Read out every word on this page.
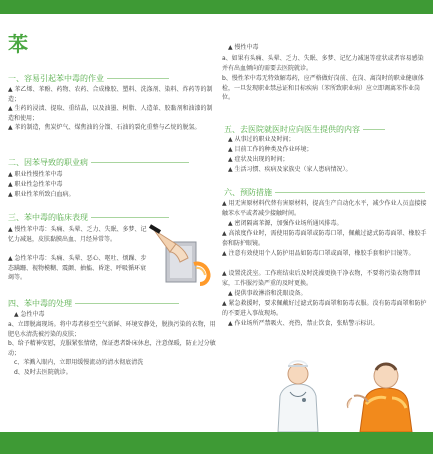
苯
一、容易引起苯中毒的作业
▲ 苯乙烯、苯酚、药物、农药、合成橡胶、塑料、洗涤剂、染料、炸药等的制造；
▲ 生药的浸渍、提取、重结晶，以及油墨、树脂、人造革、胶黏剂和油漆的制造和使用；
▲ 苯的制造，焦炭炉气、煤焦油的分馏、石油的裂化重整与乙烷的脱氢。
二、因苯导致的职业病
▲ 职业性慢性苯中毒
▲ 职业性急性苯中毒
▲ 职业性苯所致白血病。
三、苯中毒的临床表现
▲ 慢性苯中毒：头痛、头晕、乏力、失眠、多梦、记忆力减退，皮肤黏膜出血、月经异常等。
▲ 急性苯中毒：头痛、头晕、恶心、呕吐、烦躁、步态蹒跚、视物模糊、震颤、抽搐、昏迷、呼吸循环衰竭等。
四、苯中毒的处理
▲ 急性中毒
a、立即脱离现场。将中毒者移至空气新鲜、环境安静处，脱换污染的衣物，用肥皂水清洗被污染的皮肤；
b、给予精神安慰，克服紧张情绪，保证患者卧床休息，注意保暖，防止过分敏动；
c、苯溅入眼内，立即用缓慢流动的清水彻底清洗
d、及时去医院就诊。
▲ 慢性中毒
a、如果有头痛、头晕、乏力、失眠、多梦、记忆力减退等症状或者容易感染并有出血倾向的需要去医院就诊。
b、慢性苯中毒无特效解毒药，应严格做好岗前、在岗、离岗时的职业健康体检，一旦发现职业禁忌证和目标疾病（苯所致职业病）应立即调离苯作业岗位。
五、去医院就医时应向医生提供的内容
▲ 从事过的职业及时间；
▲ 目前工作的种类及作业环境；
▲ 症状及出现的时间；
▲ 生活习惯、疾病及家族史（家人患病情况）。
六、预防措施
▲ 用无害原材料代替有害原材料，提高生产自动化水平，减少作业人员直接接触苯水平或者减少接触时间。
▲ 密闭隔离苯源，加强作业场所通风排毒。
▲ 高浓度作业时，需使用防毒面罩或防毒口罩，佩戴过滤式防毒面罩、橡胶手套和防护眼镜。
▲ 注意有效使用个人防护用品如防毒口罩或面罩，橡胶手套和护目镜等。
▲ 设置洗洗室。工作班结束后及时洗澡更换干净衣物，不要将污染衣物带回家，工作服污染严重的及时更换。
▲ 提供事故淋浴和洗眼设备。
▲ 紧急救援时，要求佩戴好过滤式防毒面罩和防毒衣服。没有防毒面罩和防护的不要进入事故现场。
▲ 作业场所严禁吸火、亮热，禁止饮食，张贴警示标识。
